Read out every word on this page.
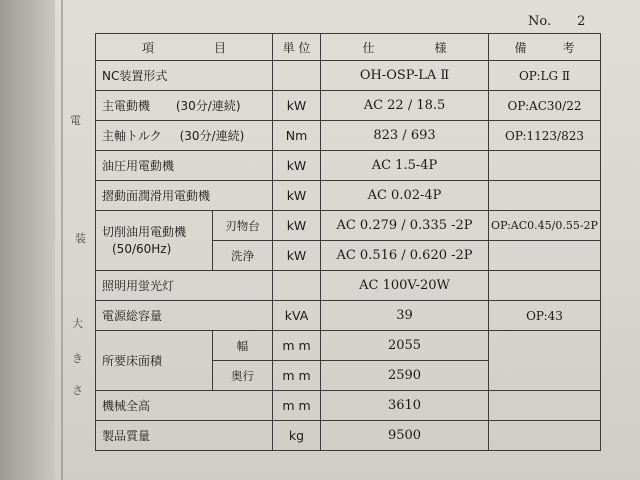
No. 2
電
装
大
き
さ
項　　　　　目		単 位	仕　　　　　様	備　　　考
NC装置形式			OH-OSP-LA Ⅱ	OP:LG Ⅱ
主電動機 (30分/連続)		kW	AC 22 / 18.5	OP:AC30/22
主軸トルク (30分/連続)		Nm	823 / 693	OP:1123/823
油圧用電動機		kW	AC 1.5-4P	
摺動面潤滑用電動機		kW	AC 0.02-4P	

切削油用電動機
(50/60Hz)	刃物台	kW	AC 0.279 / 0.335 -2P	OP:AC0.45/0.55-2P
	洗浄	kW	AC 0.516 / 0.620 -2P	
照明用蛍光灯			AC 100V-20W	
電源総容量		kVA	39	OP:43
所要床面積	幅	m m	2055	
	奥行	m m	2590	
機械全高		m m	3610	
製品質量		kg	9500	
